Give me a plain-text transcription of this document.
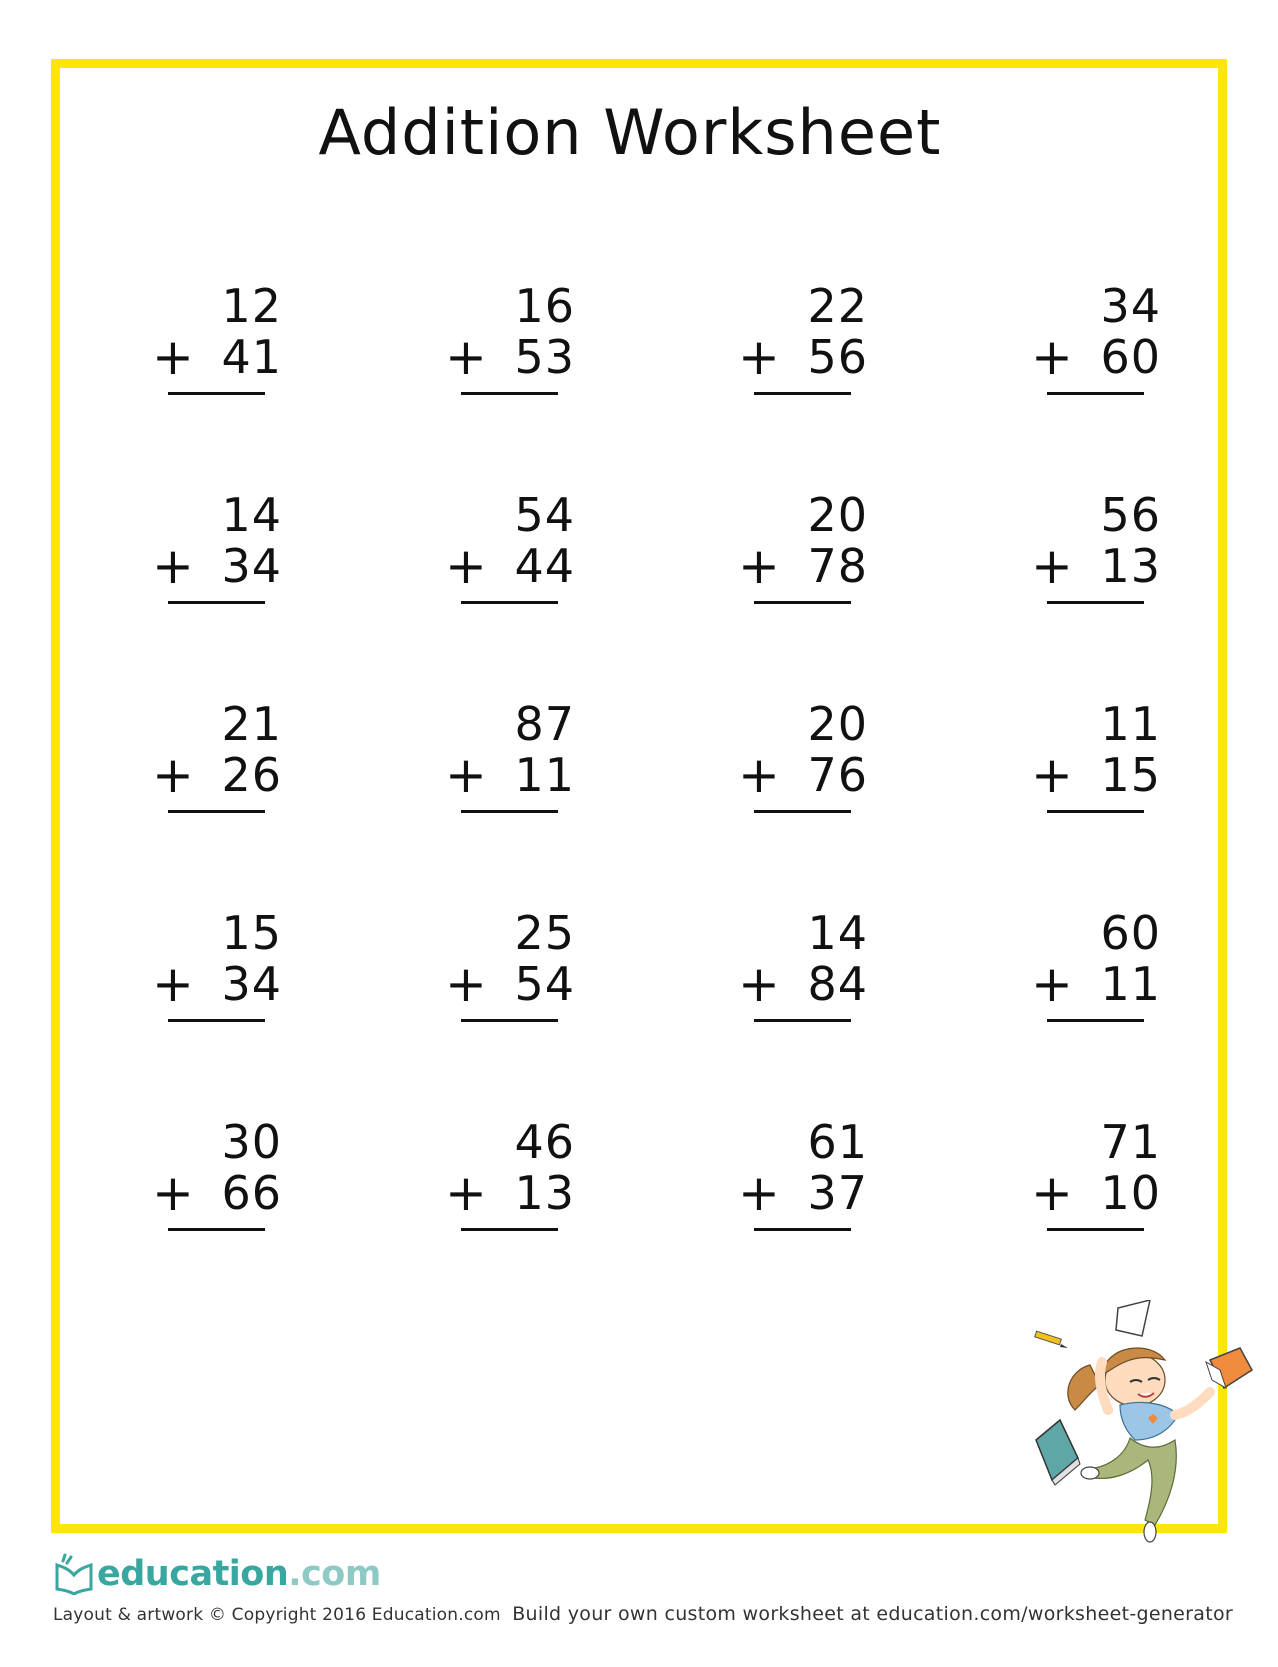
Addition Worksheet
12
+ 41
16
+ 53
22
+ 56
34
+ 60
14
+ 34
54
+ 44
20
+ 78
56
+ 13
21
+ 26
87
+ 11
20
+ 76
11
+ 15
15
+ 34
25
+ 54
14
+ 84
60
+ 11
30
+ 66
46
+ 13
61
+ 37
71
+ 10
education.com
Layout & artwork © Copyright 2016 Education.com Build your own custom worksheet at education.com/worksheet-generator
